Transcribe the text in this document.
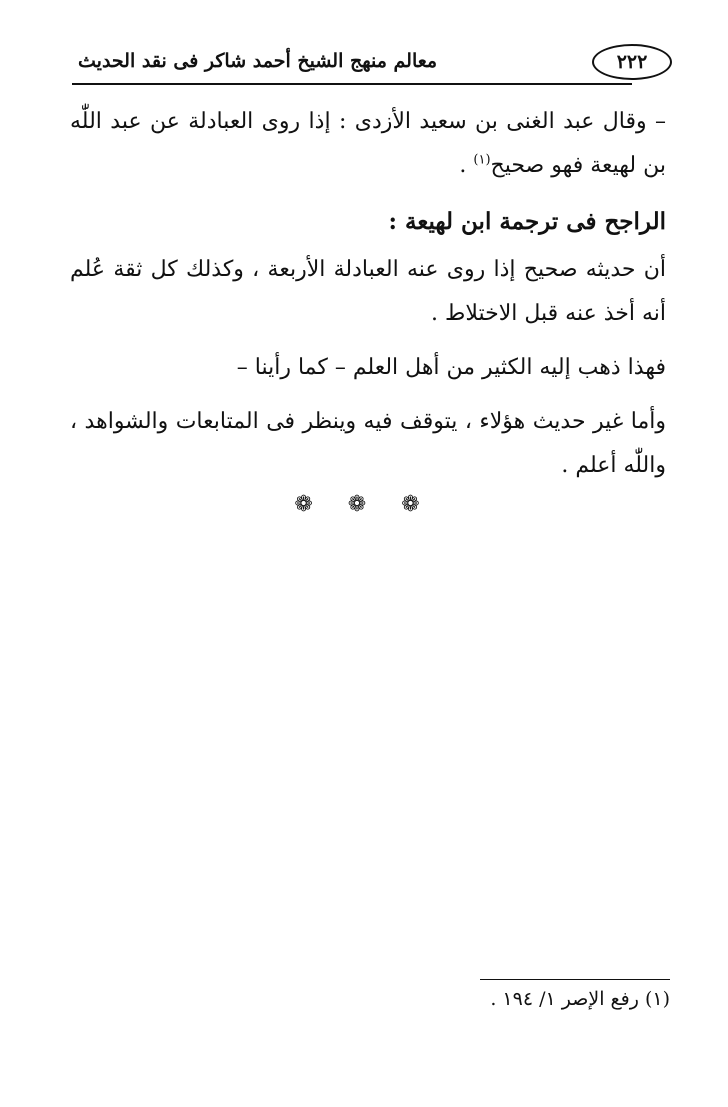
٢٢٢
معالم منهج الشيخ أحمد شاكر فى نقد الحديث

– وقال عبد الغنى بن سعيد الأزدى : إذا روى العبادلة عن عبد اللّٰه بن لهيعة فهو صحيح$^{(١)}$ .

الراجح فى ترجمة ابن لهيعة :

أن حديثه صحيح إذا روى عنه العبادلة الأربعة ، وكذلك كل ثقة عُلم أنه أخذ عنه قبل الاختلاط .

فهذا ذهب إليه الكثير من أهل العلم – كما رأينا –

وأما غير حديث هؤلاء ، يتوقف فيه وينظر فى المتابعات والشواهد ، واللّٰه أعلم .

❁ ❁ ❁
(١) رفع الإصر ١/ ١٩٤ .
